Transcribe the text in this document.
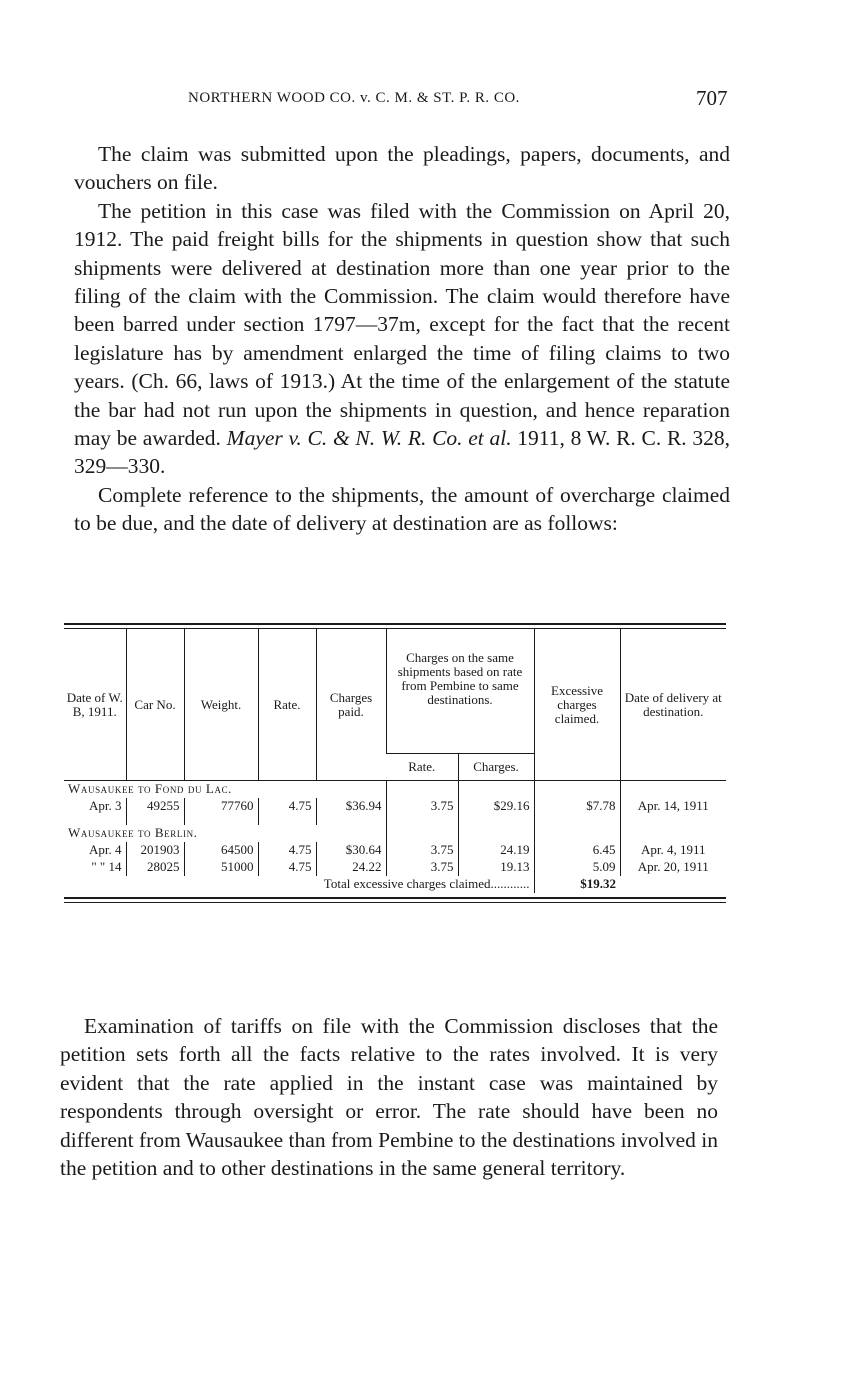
NORTHERN WOOD CO. v. C. M. & ST. P. R. CO.	707

The claim was submitted upon the pleadings, papers, documents, and vouchers on file.

The petition in this case was filed with the Commission on April 20, 1912. The paid freight bills for the shipments in question show that such shipments were delivered at destination more than one year prior to the filing of the claim with the Commission. The claim would therefore have been barred under section 1797—37m, except for the fact that the recent legislature has by amendment enlarged the time of filing claims to two years. (Ch. 66, laws of 1913.) At the time of the enlargement of the statute the bar had not run upon the shipments in question, and hence reparation may be awarded. Mayer v. C. & N. W. R. Co. et al. 1911, 8 W. R. C. R. 328, 329—330.

Complete reference to the shipments, the amount of overcharge claimed to be due, and the date of delivery at destination are as follows:

Date of W. B, 1911.	Car No.	Weight.	Rate.	Charges paid.	Charges on the same shipments based on rate from Pembine to same destinations.		Excessive charges claimed.	Date of delivery at destination.
					Rate.	Charges.		
Wausaukee to Fond du Lac.								
Apr. 3	49255	77760	4.75	$36.94	3.75	$29.16	$7.78	Apr. 14, 1911

Wausaukee to Berlin.								
Apr. 4	201903	64500	4.75	$30.64	3.75	24.19	6.45	Apr. 4, 1911
" " 14	28025	51000	4.75	24.22	3.75	19.13	5.09	Apr. 20, 1911
Total excessive charges claimed............							$19.32	

Examination of tariffs on file with the Commission discloses that the petition sets forth all the facts relative to the rates involved. It is very evident that the rate applied in the instant case was maintained by respondents through oversight or error. The rate should have been no different from Wausaukee than from Pembine to the destinations involved in the petition and to other destinations in the same general territory.
